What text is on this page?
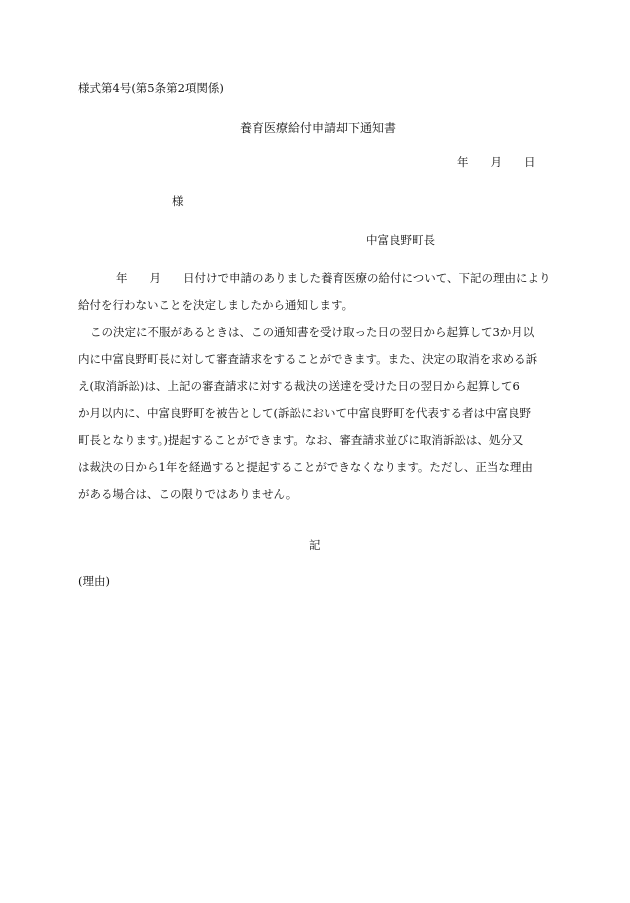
様式第4号(第5条第2項関係)
養育医療給付申請却下通知書
年 月 日
様
中富良野町長
年 月 日付けで申請のありました養育医療の給付について、下記の理由により
給付を行わないことを決定しましたから通知します。
この決定に不服があるときは、この通知書を受け取った日の翌日から起算して3か月以
内に中富良野町長に対して審査請求をすることができます。また、決定の取消を求める訴
え(取消訴訟)は、上記の審査請求に対する裁決の送達を受けた日の翌日から起算して6
か月以内に、中富良野町を被告として(訴訟において中富良野町を代表する者は中富良野
町長となります。)提起することができます。なお、審査請求並びに取消訴訟は、処分又
は裁決の日から1年を経過すると提起することができなくなります。ただし、正当な理由
がある場合は、この限りではありません。
記
(理由)
